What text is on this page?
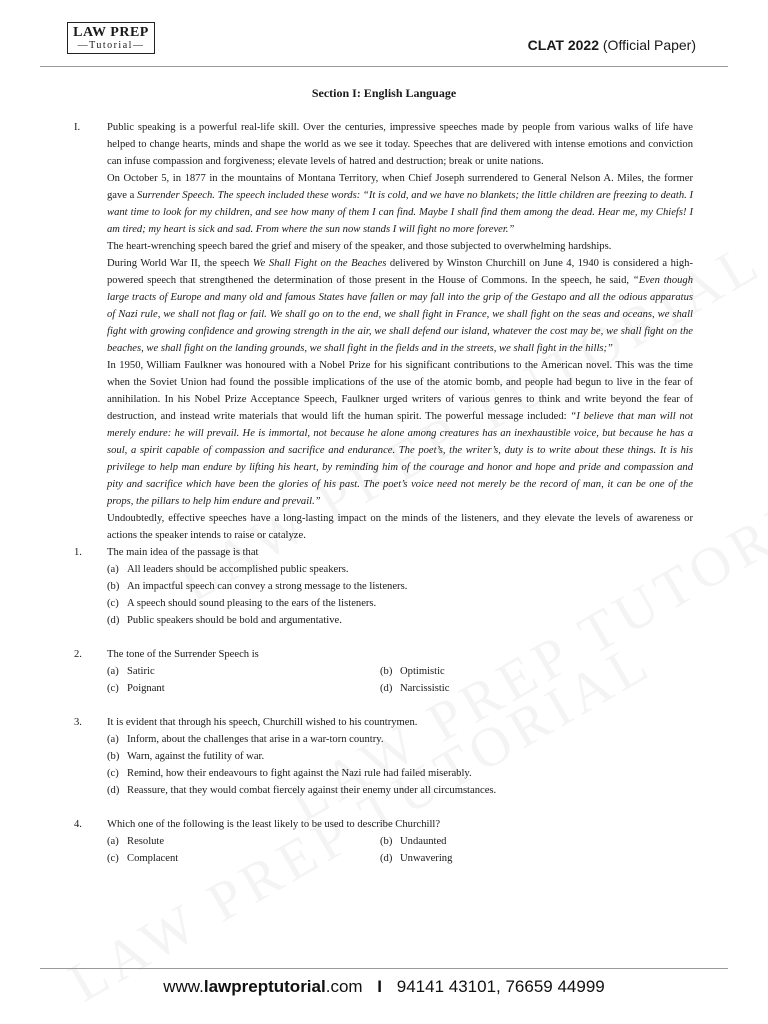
LAW PREP
—Tutorial—	CLAT 2022 (Official Paper)
Section I: English Language
I.	Public speaking is a powerful real-life skill. Over the centuries, impressive speeches made by people from various walks of life have helped to change hearts, minds and shape the world as we see it today. Speeches that are delivered with intense emotions and conviction can infuse compassion and forgiveness; elevate levels of hatred and destruction; break or unite nations.
On October 5, in 1877 in the mountains of Montana Territory, when Chief Joseph surrendered to General Nelson A. Miles, the former gave a Surrender Speech. The speech included these words: “It is cold, and we have no blankets; the little children are freezing to death. I want time to look for my children, and see how many of them I can find. Maybe I shall find them among the dead. Hear me, my Chiefs! I am tired; my heart is sick and sad. From where the sun now stands I will fight no more forever.”
The heart-wrenching speech bared the grief and misery of the speaker, and those subjected to overwhelming hardships.
During World War II, the speech We Shall Fight on the Beaches delivered by Winston Churchill on June 4, 1940 is considered a high-powered speech that strengthened the determination of those present in the House of Commons. In the speech, he said, “Even though large tracts of Europe and many old and famous States have fallen or may fall into the grip of the Gestapo and all the odious apparatus of Nazi rule, we shall not flag or fail. We shall go on to the end, we shall fight in France, we shall fight on the seas and oceans, we shall fight with growing confidence and growing strength in the air, we shall defend our island, whatever the cost may be, we shall fight on the beaches, we shall fight on the landing grounds, we shall fight in the fields and in the streets, we shall fight in the hills;”
In 1950, William Faulkner was honoured with a Nobel Prize for his significant contributions to the American novel. This was the time when the Soviet Union had found the possible implications of the use of the atomic bomb, and people had begun to live in the fear of annihilation. In his Nobel Prize Acceptance Speech, Faulkner urged writers of various genres to think and write beyond the fear of destruction, and instead write materials that would lift the human spirit. The powerful message included: “I believe that man will not merely endure: he will prevail. He is immortal, not because he alone among creatures has an inexhaustible voice, but because he has a soul, a spirit capable of compassion and sacrifice and endurance. The poet’s, the writer’s, duty is to write about these things. It is his privilege to help man endure by lifting his heart, by reminding him of the courage and honor and hope and pride and compassion and pity and sacrifice which have been the glories of his past. The poet’s voice need not merely be the record of man, it can be one of the props, the pillars to help him endure and prevail.”
Undoubtedly, effective speeches have a long-lasting impact on the minds of the listeners, and they elevate the levels of awareness or actions the speaker intends to raise or catalyze.
1.	The main idea of the passage is that
(a) All leaders should be accomplished public speakers.
(b) An impactful speech can convey a strong message to the listeners.
(c) A speech should sound pleasing to the ears of the listeners.
(d) Public speakers should be bold and argumentative.
2.	The tone of the Surrender Speech is
(a) Satiric	(b) Optimistic
(c) Poignant	(d) Narcissistic
3.	It is evident that through his speech, Churchill wished to his countrymen.
(a) Inform, about the challenges that arise in a war-torn country.
(b) Warn, against the futility of war.
(c) Remind, how their endeavours to fight against the Nazi rule had failed miserably.
(d) Reassure, that they would combat fiercely against their enemy under all circumstances.
4.	Which one of the following is the least likely to be used to describe Churchill?
(a) Resolute	(b) Undaunted
(c) Complacent	(d) Unwavering
www.lawpreptutorial.com I 94141 43101, 76659 44999
